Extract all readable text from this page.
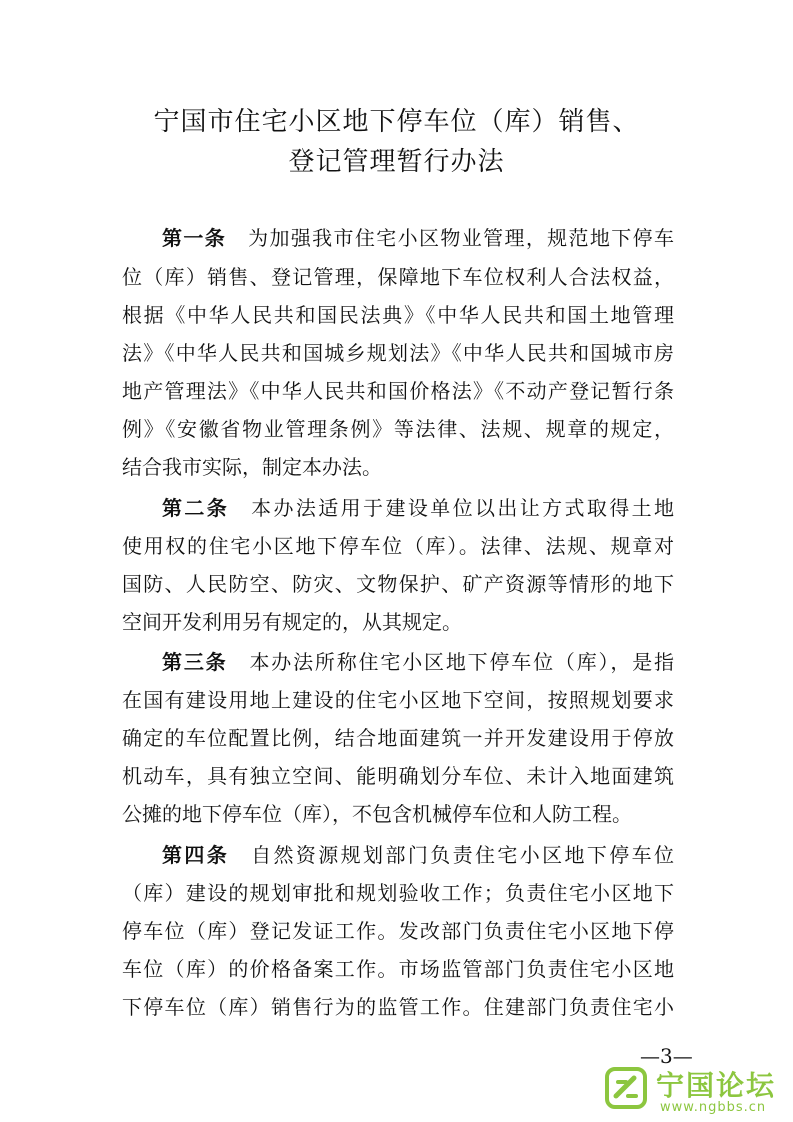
宁国市住宅小区地下停车位（库）销售、
登记管理暂行办法
第一条 为加强我市住宅小区物业管理，规范地下停车
位（库）销售、登记管理，保障地下车位权利人合法权益，
根据《中华人民共和国民法典》《中华人民共和国土地管理
法》《中华人民共和国城乡规划法》《中华人民共和国城市房
地产管理法》《中华人民共和国价格法》《不动产登记暂行条
例》《安徽省物业管理条例》等法律、法规、规章的规定，
结合我市实际，制定本办法。
第二条 本办法适用于建设单位以出让方式取得土地
使用权的住宅小区地下停车位（库）。法律、法规、规章对
国防、人民防空、防灾、文物保护、矿产资源等情形的地下
空间开发利用另有规定的，从其规定。
第三条 本办法所称住宅小区地下停车位（库），是指
在国有建设用地上建设的住宅小区地下空间，按照规划要求
确定的车位配置比例，结合地面建筑一并开发建设用于停放
机动车，具有独立空间、能明确划分车位、未计入地面建筑
公摊的地下停车位（库），不包含机械停车位和人防工程。
第四条 自然资源规划部门负责住宅小区地下停车位
（库）建设的规划审批和规划验收工作；负责住宅小区地下
停车位（库）登记发证工作。发改部门负责住宅小区地下停
车位（库）的价格备案工作。市场监管部门负责住宅小区地
下停车位（库）销售行为的监管工作。住建部门负责住宅小
—3—
宁国论坛
www.ngbbs.cn
